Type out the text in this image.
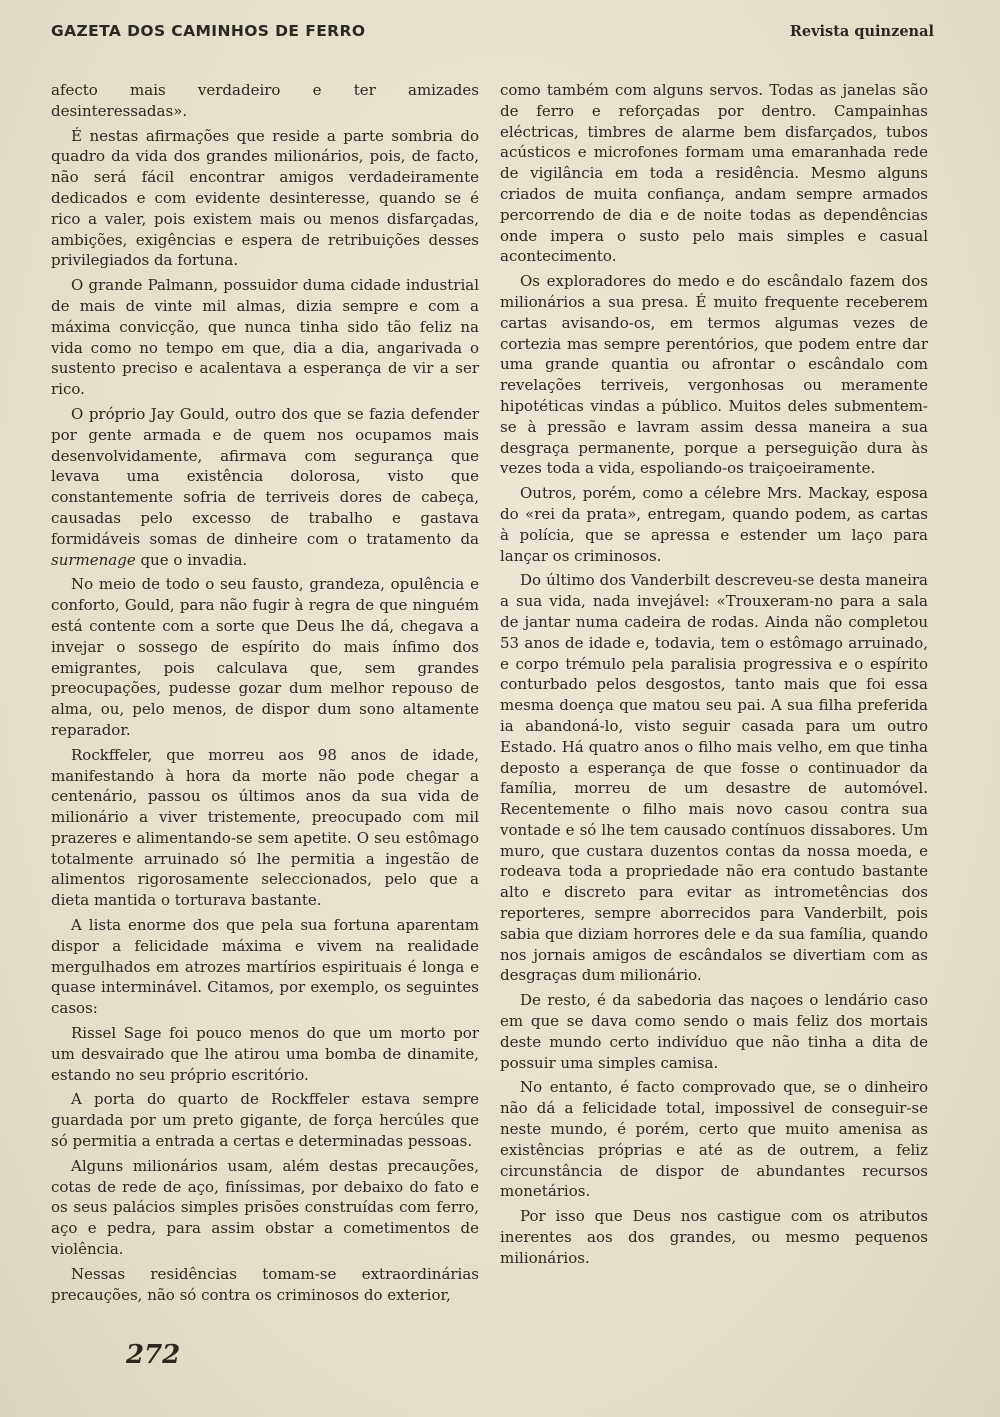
GAZETA DOS CAMINHOS DE FERRO	Revista quinzenal

afecto mais verdadeiro e ter amizades desinteressadas».

É nestas afirmações que reside a parte sombria do quadro da vida dos grandes milionários, pois, de facto, não será fácil encontrar amigos verdadeiramente dedicados e com evidente desinteresse, quando se é rico a valer, pois existem mais ou menos disfarçadas, ambições, exigências e espera de retribuições desses privilegiados da fortuna.

O grande Palmann, possuidor duma cidade industrial de mais de vinte mil almas, dizia sempre e com a máxima convicção, que nunca tinha sido tão feliz na vida como no tempo em que, dia a dia, angarivada o sustento preciso e acalentava a esperança de vir a ser rico.

O próprio Jay Gould, outro dos que se fazia defender por gente armada e de quem nos ocupamos mais desenvolvidamente, afirmava com segurança que levava uma existência dolorosa, visto que constantemente sofria de terriveis dores de cabeça, causadas pelo excesso de trabalho e gastava formidáveis somas de dinheire com o tratamento da surmenage que o invadia.

No meio de todo o seu fausto, grandeza, opulência e conforto, Gould, para não fugir à regra de que ninguém está contente com a sorte que Deus lhe dá, chegava a invejar o sossego de espírito do mais ínfimo dos emigrantes, pois calculava que, sem grandes preocupações, pudesse gozar dum melhor repouso de alma, ou, pelo menos, de dispor dum sono altamente reparador.

Rockffeler, que morreu aos 98 anos de idade, manifestando à hora da morte não pode chegar a centenário, passou os últimos anos da sua vida de milionário a viver tristemente, preocupado com mil prazeres e alimentando-se sem apetite. O seu estômago totalmente arruinado só lhe permitia a ingestão de alimentos rigorosamente seleccionados, pelo que a dieta mantida o torturava bastante.

A lista enorme dos que pela sua fortuna aparentam dispor a felicidade máxima e vivem na realidade mergulhados em atrozes martírios espirituais é longa e quase interminável. Citamos, por exemplo, os seguintes casos:

Rissel Sage foi pouco menos do que um morto por um desvairado que lhe atirou uma bomba de dinamite, estando no seu próprio escritório.

A porta do quarto de Rockffeler estava sempre guardada por um preto gigante, de força hercúles que só permitia a entrada a certas e determinadas pessoas.

Alguns milionários usam, além destas precauções, cotas de rede de aço, finíssimas, por debaixo do fato e os seus palácios simples prisões construídas com ferro, aço e pedra, para assim obstar a cometimentos de violência.

Nessas residências tomam-se extraordinárias precauções, não só contra os criminosos do exterior,

como também com alguns servos. Todas as janelas são de ferro e reforçadas por dentro. Campainhas eléctricas, timbres de alarme bem disfarçados, tubos acústicos e microfones formam uma emaranhada rede de vigilância em toda a residência. Mesmo alguns criados de muita confiança, andam sempre armados percorrendo de dia e de noite todas as dependências onde impera o susto pelo mais simples e casual acontecimento.

Os exploradores do medo e do escândalo fazem dos milionários a sua presa. É muito frequente receberem cartas avisando-os, em termos algumas vezes de cortezia mas sempre perentórios, que podem entre dar uma grande quantia ou afrontar o escândalo com revelações terriveis, vergonhosas ou meramente hipotéticas vindas a público. Muitos deles submentem-se à pressão e lavram assim dessa maneira a sua desgraça permanente, porque a perseguição dura às vezes toda a vida, espoliando-os traiçoeiramente.

Outros, porém, como a célebre Mrs. Mackay, esposa do «rei da prata», entregam, quando podem, as cartas à polícia, que se apressa e estender um laço para lançar os criminosos.

Do último dos Vanderbilt descreveu-se desta maneira a sua vida, nada invejável: «Trouxeram-no para a sala de jantar numa cadeira de rodas. Ainda não completou 53 anos de idade e, todavia, tem o estômago arruinado, e corpo trémulo pela paralisia progressiva e o espírito conturbado pelos desgostos, tanto mais que foi essa mesma doença que matou seu pai. A sua filha preferida ia abandoná-lo, visto seguir casada para um outro Estado. Há quatro anos o filho mais velho, em que tinha deposto a esperança de que fosse o continuador da família, morreu de um desastre de automóvel. Recentemente o filho mais novo casou contra sua vontade e só lhe tem causado contínuos dissabores. Um muro, que custara duzentos contas da nossa moeda, e rodeava toda a propriedade não era contudo bastante alto e discreto para evitar as intrometências dos reporteres, sempre aborrecidos para Vanderbilt, pois sabia que diziam horrores dele e da sua família, quando nos jornais amigos de escândalos se divertiam com as desgraças dum milionário.

De resto, é da sabedoria das naçoes o lendário caso em que se dava como sendo o mais feliz dos mortais deste mundo certo indivíduo que não tinha a dita de possuir uma simples camisa.

No entanto, é facto comprovado que, se o dinheiro não dá a felicidade total, impossivel de conseguir-se neste mundo, é porém, certo que muito amenisa as existências próprias e até as de outrem, a feliz circunstância de dispor de abundantes recursos monetários.

Por isso que Deus nos castigue com os atributos inerentes aos dos grandes, ou mesmo pequenos milionários.

272
